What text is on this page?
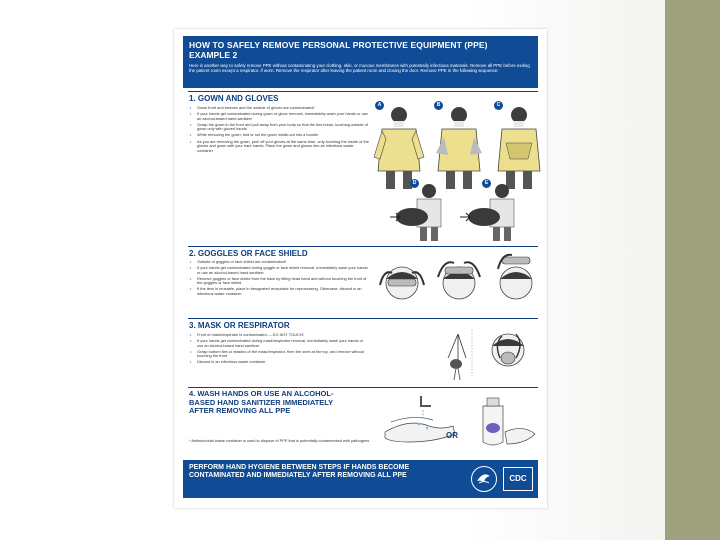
HOW TO SAFELY REMOVE PERSONAL PROTECTIVE EQUIPMENT (PPE)
EXAMPLE 2
Here is another way to safely remove PPE without contaminating your clothing, skin, or mucous membranes with potentially infectious materials. Remove all PPE before exiting the patient room except a respirator, if worn. Remove the respirator after leaving the patient room and closing the door. Remove PPE in the following sequence:
1. GOWN AND GLOVES
• Gown front and sleeves and the outside of gloves are contaminated!
• If your hands get contaminated during gown or glove removal, immediately wash your hands or use an alcohol-based hand sanitizer
• Grasp the gown in the front and pull away from your body so that the ties break, touching outside of gown only with gloved hands
• While removing the gown, fold or roll the gown inside-out into a bundle
• As you are removing the gown, peel off your gloves at the same time, only touching the inside of the gloves and gown with your bare hands. Place the gown and gloves into an infectious waste container
A	B	C
D	E
2. GOGGLES OR FACE SHIELD
• Outside of goggles or face shield are contaminated!
• If your hands get contaminated during goggle or face shield removal, immediately wash your hands or use an alcohol-based hand sanitizer
• Remove goggles or face shield from the back by lifting head band and without touching the front of the goggles or face shield
• If the item is reusable, place in designated receptacle for reprocessing. Otherwise, discard in an infectious waste container
3. MASK OR RESPIRATOR
• Front of mask/respirator is contaminated — DO NOT TOUCH!
• If your hands get contaminated during mask/respirator removal, immediately wash your hands or use an alcohol-based hand sanitizer
• Grasp bottom ties or elastics of the mask/respirator, then the ones at the top, and remove without touching the front
• Discard in an infectious waste container
4. WASH HANDS OR USE AN ALCOHOL-BASED HAND SANITIZER IMMEDIATELY AFTER REMOVING ALL PPE
OR
* Antimicrobial waste container is used to dispose of PPE that is potentially contaminated with pathogens
PERFORM HAND HYGIENE BETWEEN STEPS IF HANDS BECOME CONTAMINATED AND IMMEDIATELY AFTER REMOVING ALL PPE	CDC
